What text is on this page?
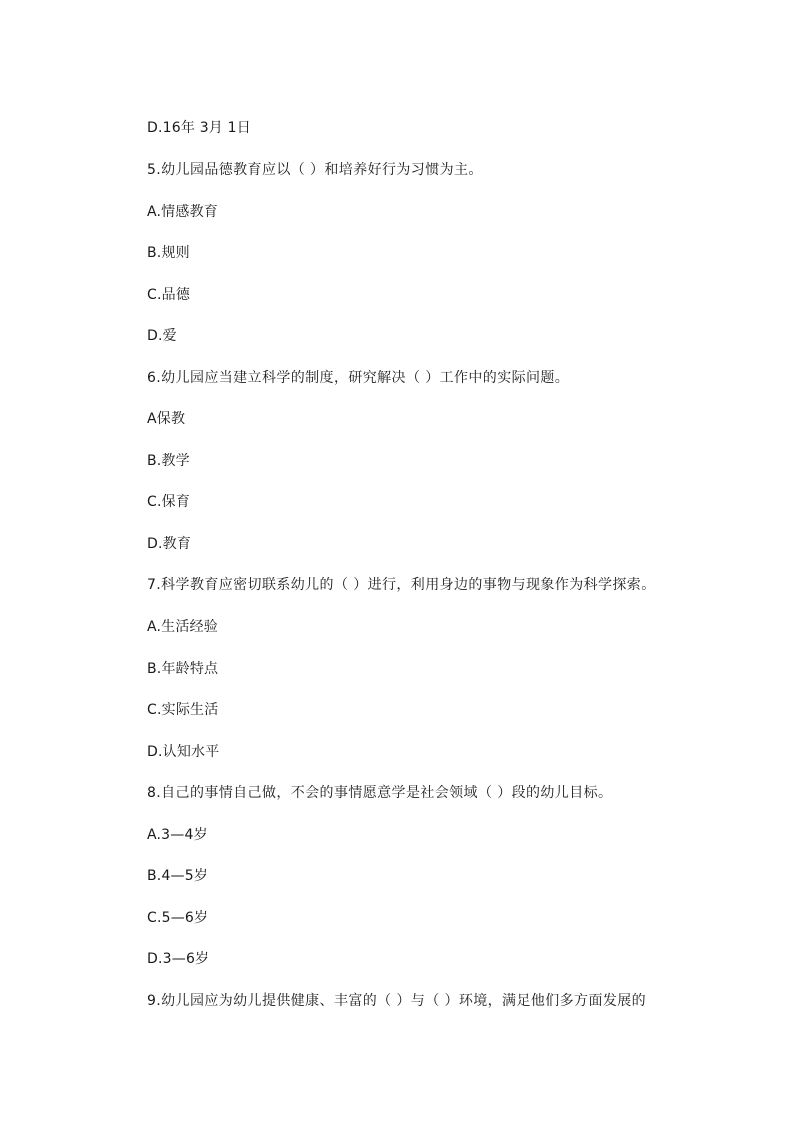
D.16年 3月 1日
5.幼儿园品德教育应以（ ）和培养好行为习惯为主。
A.情感教育
B.规则
C.品德
D.爱
6.幼儿园应当建立科学的制度，研究解决（ ）工作中的实际问题。
A保教
B.教学
C.保育
D.教育
7.科学教育应密切联系幼儿的（ ）进行，利用身边的事物与现象作为科学探索。
A.生活经验
B.年龄特点
C.实际生活
D.认知水平
8.自己的事情自己做，不会的事情愿意学是社会领域（ ）段的幼儿目标。
A.3—4岁
B.4—5岁
C.5—6岁
D.3—6岁
9.幼儿园应为幼儿提供健康、丰富的（ ）与（ ）环境，满足他们多方面发展的
